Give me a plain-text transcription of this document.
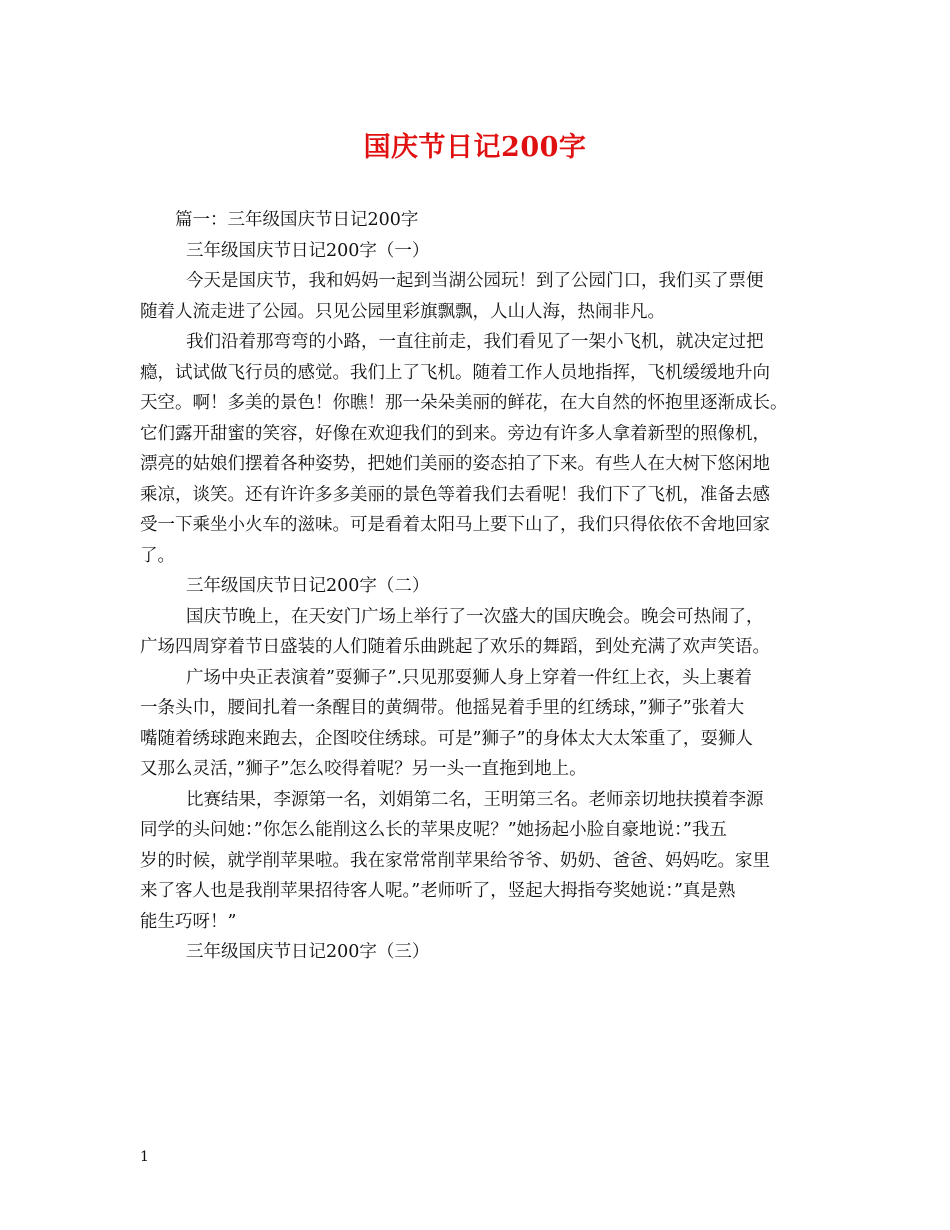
国庆节日记200字
篇一：三年级国庆节日记200字
三年级国庆节日记200字（一）
今天是国庆节，我和妈妈一起到当湖公园玩！到了公园门口，我们买了票便
随着人流走进了公园。只见公园里彩旗飘飘，人山人海，热闹非凡。
我们沿着那弯弯的小路，一直往前走，我们看见了一架小飞机，就决定过把
瘾，试试做飞行员的感觉。我们上了飞机。随着工作人员地指挥，飞机缓缓地升向
天空。啊！多美的景色！你瞧！那一朵朵美丽的鲜花，在大自然的怀抱里逐渐成长。
它们露开甜蜜的笑容，好像在欢迎我们的到来。旁边有许多人拿着新型的照像机，
漂亮的姑娘们摆着各种姿势，把她们美丽的姿态拍了下来。有些人在大树下悠闲地
乘凉，谈笑。还有许许多多美丽的景色等着我们去看呢！我们下了飞机，准备去感
受一下乘坐小火车的滋味。可是看着太阳马上要下山了，我们只得依依不舍地回家
了。
三年级国庆节日记200字（二）
国庆节晚上，在天安门广场上举行了一次盛大的国庆晚会。晚会可热闹了，
广场四周穿着节日盛装的人们随着乐曲跳起了欢乐的舞蹈，到处充满了欢声笑语。
广场中央正表演着”耍狮子”.只见那耍狮人身上穿着一件红上衣，头上裹着
一条头巾，腰间扎着一条醒目的黄绸带。他摇晃着手里的红绣球，”狮子”张着大
嘴随着绣球跑来跑去，企图咬住绣球。可是”狮子”的身体太大太笨重了，耍狮人
又那么灵活，”狮子”怎么咬得着呢？另一头一直拖到地上。
比赛结果，李源第一名，刘娟第二名，王明第三名。老师亲切地扶摸着李源
同学的头问她：”你怎么能削这么长的苹果皮呢？”她扬起小脸自豪地说：”我五
岁的时候，就学削苹果啦。我在家常常削苹果给爷爷、奶奶、爸爸、妈妈吃。家里
来了客人也是我削苹果招待客人呢。”老师听了，竖起大拇指夸奖她说：”真是熟
能生巧呀！”
三年级国庆节日记200字（三）
1
